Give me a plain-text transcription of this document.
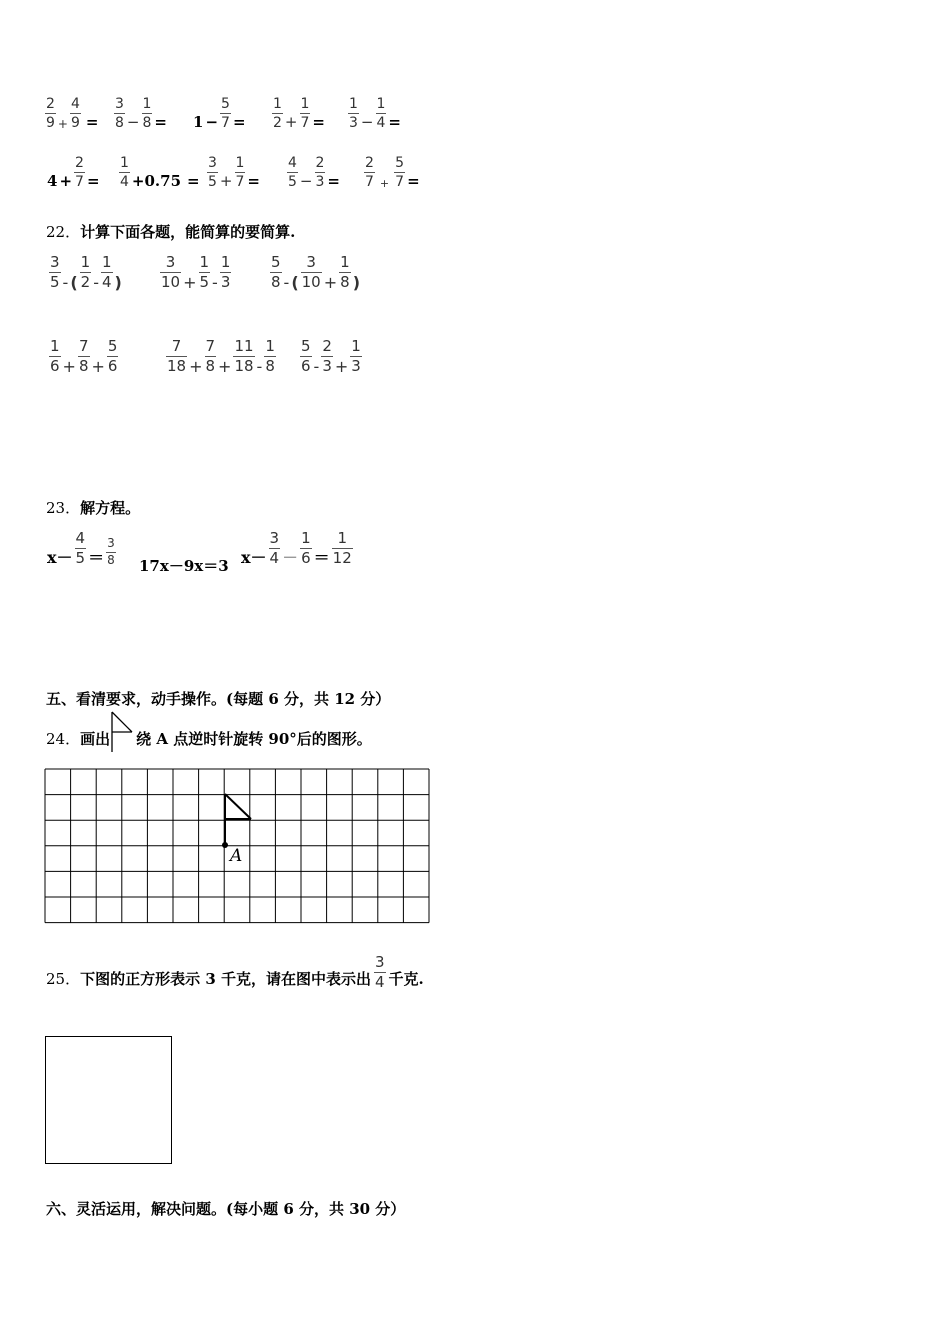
$\frac{2}{9} + \frac{4}{9} = \frac{3}{8} - \frac{1}{8} = 1 - \frac{5}{7} = \frac{1}{2} + \frac{1}{7} = \frac{1}{3} - \frac{1}{4}$ =
$4 + \frac{2}{7} = \frac{1}{4} +0.75 = \frac{3}{5} + \frac{1}{7} = \frac{4}{5} - \frac{2}{3} = \frac{2}{7} + \frac{5}{7}$ =
22．计算下面各题，能简算的要简算.
$\frac{3}{5}$ - ( $\frac{1}{2} - \frac{1}{4}$ )	$\frac{3}{10} + \frac{1}{5} - \frac{1}{3}$	$\frac{5}{8}$ - ( $\frac{3}{10} + \frac{1}{8}$ )
$\frac{1}{6} + \frac{7}{8} + \frac{5}{6}$	$\frac{7}{18} + \frac{7}{8} + \frac{11}{18} - \frac{1}{8} \frac{5}{6} - \frac{2}{3} + \frac{1}{3}$
23．解方程。
$x- \frac{4}{5} = \frac{3}{8} 17x-9x=3$ $x- \frac{3}{4} - \frac{1}{6} = \frac{1}{12}$
五、看清要求，动手操作。(每题 6 分，共 12 分）
24．画出 绕 A 点逆时针旋转 90°后的图形。
A
25． 下图的正方形表示 3 千克，请在图中表示出 $\frac{3}{4}$ 千克.
六、灵活运用，解决问题。(每小题 6 分，共 30 分）
